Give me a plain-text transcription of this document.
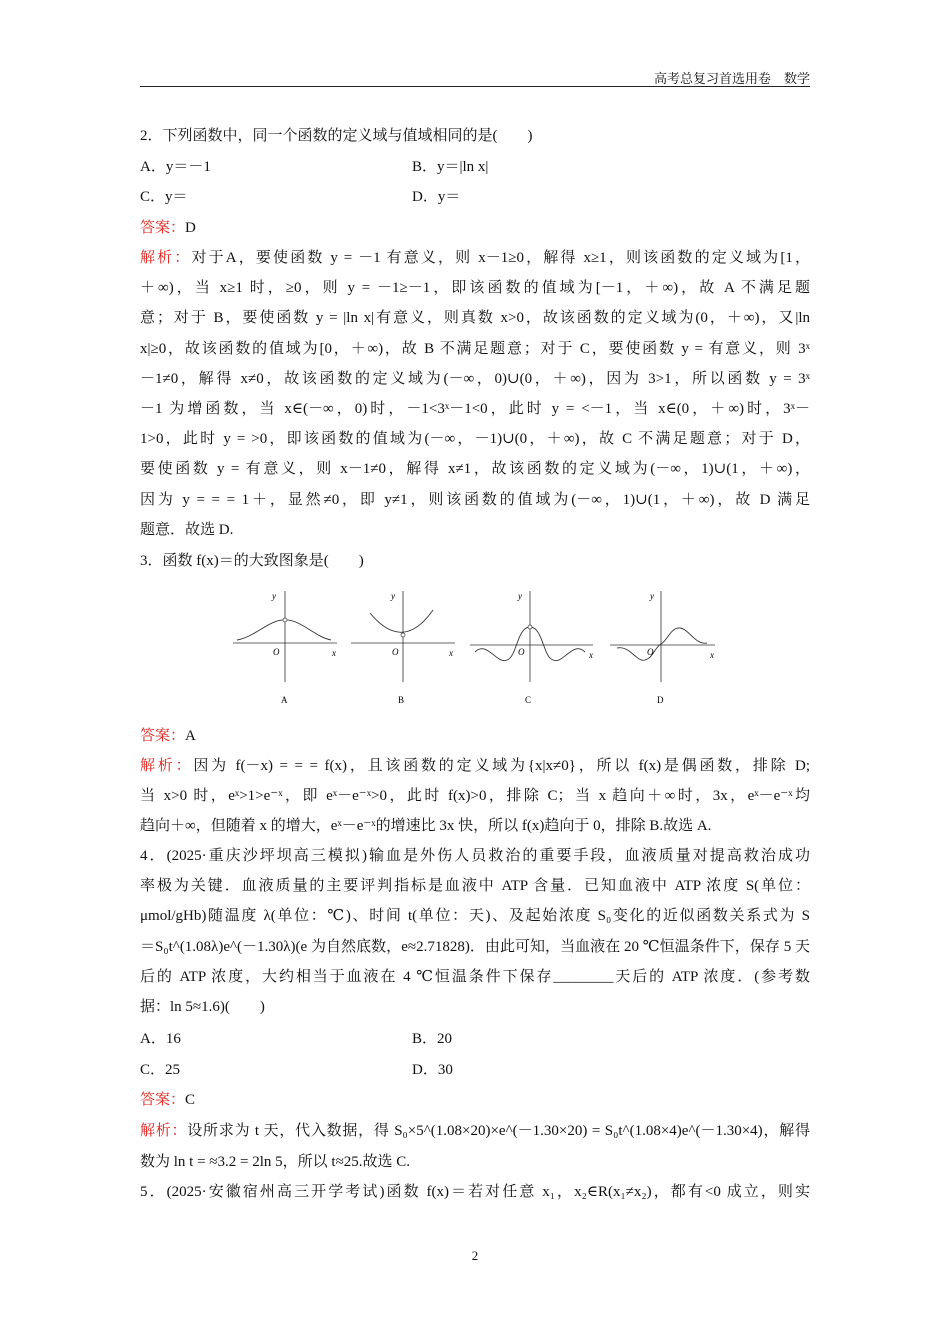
高考总复习首选用卷　数学
2．下列函数中，同一个函数的定义域与值域相同的是(　　)
A．y＝－1	B．y＝|ln x|
C．y＝	D．y＝
答案：D
解析：对于A，要使函数 y = －1 有意义，则 x－1≥0，解得 x≥1，则该函数的定义域为[1，
＋∞)，当 x≥1 时，≥0，则 y = －1≥－1，即该函数的值域为[－1，＋∞)，故 A 不满足题
意；对于 B，要使函数 y = |ln x|有意义，则真数 x>0，故该函数的定义域为(0，＋∞)，又|ln
x|≥0，故该函数的值域为[0，＋∞)，故 B 不满足题意；对于 C，要使函数 y = 有意义，则 3ˣ
－1≠0，解得 x≠0，故该函数的定义域为(－∞，0)∪(0，＋∞)，因为 3>1，所以函数 y = 3ˣ
－1 为增函数，当 x∈(－∞，0)时，－1<3ˣ－1<0，此时 y = <－1，当 x∈(0，＋∞)时，3ˣ－
1>0，此时 y = >0，即该函数的值域为(－∞，－1)∪(0，＋∞)，故 C 不满足题意；对于 D，
要使函数 y = 有意义，则 x－1≠0，解得 x≠1，故该函数的定义域为(－∞，1)∪(1，＋∞)，
因为 y = = = 1＋，显然≠0，即 y≠1，则该函数的值域为(－∞，1)∪(1，＋∞)，故 D 满足
题意．故选 D.
3．函数 f(x)＝的大致图象是(　　)
y
x
O
A
y
x
O
B
y
x
O
C
y
x
O
D
答案：A
解析：因为 f(－x) = = = f(x)，且该函数的定义域为{x|x≠0}，所以 f(x)是偶函数，排除 D;
当 x>0 时，eˣ>1>e⁻ˣ，即 eˣ－e⁻ˣ>0，此时 f(x)>0，排除 C；当 x 趋向＋∞时，3x，eˣ－e⁻ˣ均
趋向＋∞，但随着 x 的增大，eˣ－e⁻ˣ的增速比 3x 快，所以 f(x)趋向于 0，排除 B.故选 A.
4．(2025·重庆沙坪坝高三模拟)输血是外伤人员救治的重要手段，血液质量对提高救治成功
率极为关键．血液质量的主要评判指标是血液中 ATP 含量．已知血液中 ATP 浓度 S(单位：
μmol/gHb)随温度 λ(单位：℃)、时间 t(单位：天)、及起始浓度 S₀变化的近似函数关系式为 S
＝S₀t^(1.08λ)e^(－1.30λ)(e 为自然底数，e≈2.71828)．由此可知，当血液在 20 ℃恒温条件下，保存 5 天
后的 ATP 浓度，大约相当于血液在 4 ℃恒温条件下保存________天后的 ATP 浓度．(参考数
据：ln 5≈1.6)(　　)
A．16	B．20
C．25	D．30
答案：C
解析：设所求为 t 天，代入数据，得 S₀×5^(1.08×20)×e^(－1.30×20) = S₀t^(1.08×4)e^(－1.30×4)，解得
数为 ln t = ≈3.2 = 2ln 5，所以 t≈25.故选 C.
5．(2025·安徽宿州高三开学考试)函数 f(x)＝若对任意 x₁，x₂∈R(x₁≠x₂)，都有<0 成立，则实
2
